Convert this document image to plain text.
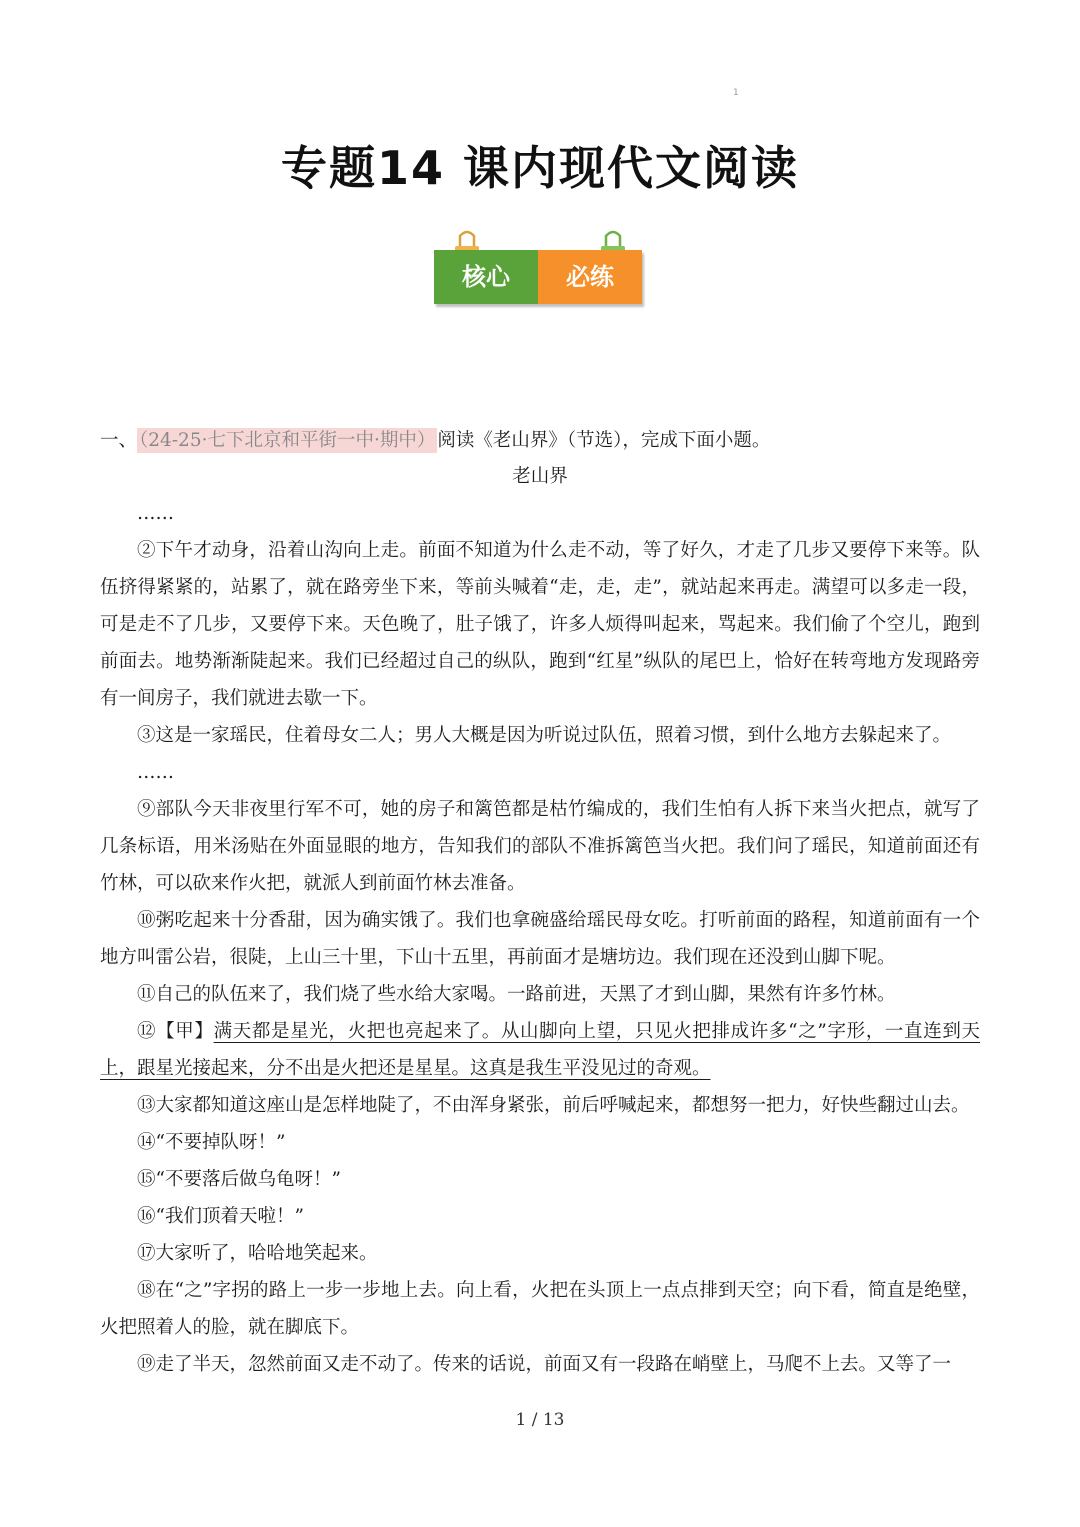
1
专题14 课内现代文阅读
核心	必练
一、 （24-25·七下北京和平街一中·期中） 阅读《老山界》（节选），完成下面小题。
老山界

……

②下午才动身，沿着山沟向上走。前面不知道为什么走不动，等了好久，才走了几步又要停下来等。队伍挤得紧紧的，站累了，就在路旁坐下来，等前头喊着“走，走，走”，就站起来再走。满望可以多走一段，可是走不了几步，又要停下来。天色晚了，肚子饿了，许多人烦得叫起来，骂起来。我们偷了个空儿，跑到前面去。地势渐渐陡起来。我们已经超过自己的纵队，跑到“红星”纵队的尾巴上，恰好在转弯地方发现路旁有一间房子，我们就进去歇一下。

③这是一家瑶民，住着母女二人；男人大概是因为听说过队伍，照着习惯，到什么地方去躲起来了。

……

⑨部队今天非夜里行军不可，她的房子和篱笆都是枯竹编成的，我们生怕有人拆下来当火把点，就写了几条标语，用米汤贴在外面显眼的地方，告知我们的部队不准拆篱笆当火把。我们问了瑶民，知道前面还有竹林，可以砍来作火把，就派人到前面竹林去准备。

⑩粥吃起来十分香甜，因为确实饿了。我们也拿碗盛给瑶民母女吃。打听前面的路程，知道前面有一个地方叫雷公岩，很陡，上山三十里，下山十五里，再前面才是塘坊边。我们现在还没到山脚下呢。

⑪自己的队伍来了，我们烧了些水给大家喝。一路前进，天黑了才到山脚，果然有许多竹林。

⑫【甲】满天都是星光，火把也亮起来了。从山脚向上望，只见火把排成许多“之”字形，一直连到天上，跟星光接起来，分不出是火把还是星星。这真是我生平没见过的奇观。

⑬大家都知道这座山是怎样地陡了，不由浑身紧张，前后呼喊起来，都想努一把力，好快些翻过山去。

⑭“不要掉队呀！”

⑮“不要落后做乌龟呀！”

⑯“我们顶着天啦！”

⑰大家听了，哈哈地笑起来。

⑱在“之”字拐的路上一步一步地上去。向上看，火把在头顶上一点点排到天空；向下看，简直是绝壁，火把照着人的脸，就在脚底下。

⑲走了半天，忽然前面又走不动了。传来的话说，前面又有一段路在峭壁上，马爬不上去。又等了一

1 / 13
